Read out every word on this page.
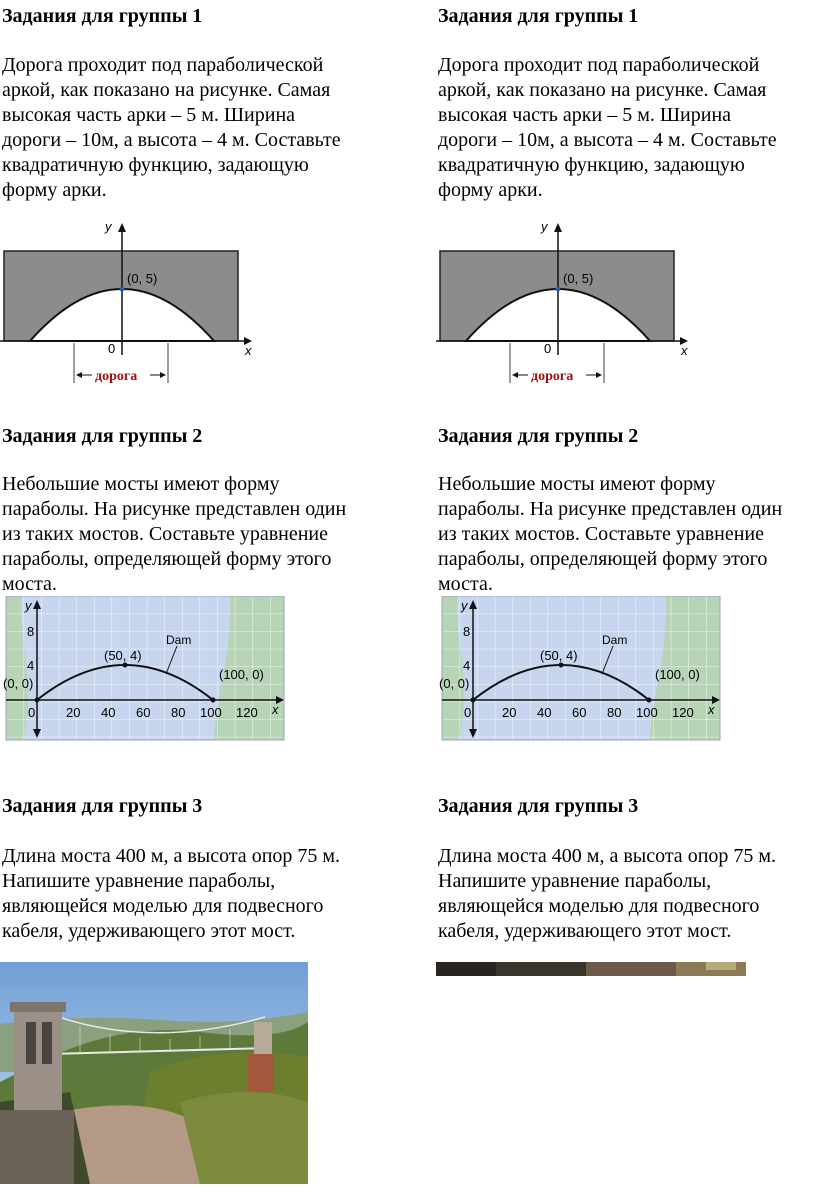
Задания для группы 1
Дорога проходит под параболической
аркой, как показано на рисунке. Самая
высокая часть арки – 5 м. Ширина
дороги – 10м, а высота – 4 м. Составьте
квадратичную функцию, задающую
форму арки.
y
x
0
(0, 5)
дорога
Задания для группы 2
Небольшие мосты имеют форму
параболы. На рисунке представлен один
из таких мостов. Составьте уравнение
параболы, определяющей форму этого
моста.
Dam
y
x
8
4
0 20 40 60 80 100 120
(0, 0)
(50, 4)
(100, 0)
Задания для группы 3
Длина моста 400 м, а высота опор 75 м.
Напишите уравнение параболы,
являющейся моделью для подвесного
кабеля, удерживающего этот мост.
Задания для группы 1
Дорога проходит под параболической
аркой, как показано на рисунке. Самая
высокая часть арки – 5 м. Ширина
дороги – 10м, а высота – 4 м. Составьте
квадратичную функцию, задающую
форму арки.
y
x
0
(0, 5)
дорога
Задания для группы 2
Небольшие мосты имеют форму
параболы. На рисунке представлен один
из таких мостов. Составьте уравнение
параболы, определяющей форму этого
моста.
Dam
y
x
8
4
0 20 40 60 80 100 120
(0, 0)
(50, 4)
(100, 0)
Задания для группы 3
Длина моста 400 м, а высота опор 75 м.
Напишите уравнение параболы,
являющейся моделью для подвесного
кабеля, удерживающего этот мост.
